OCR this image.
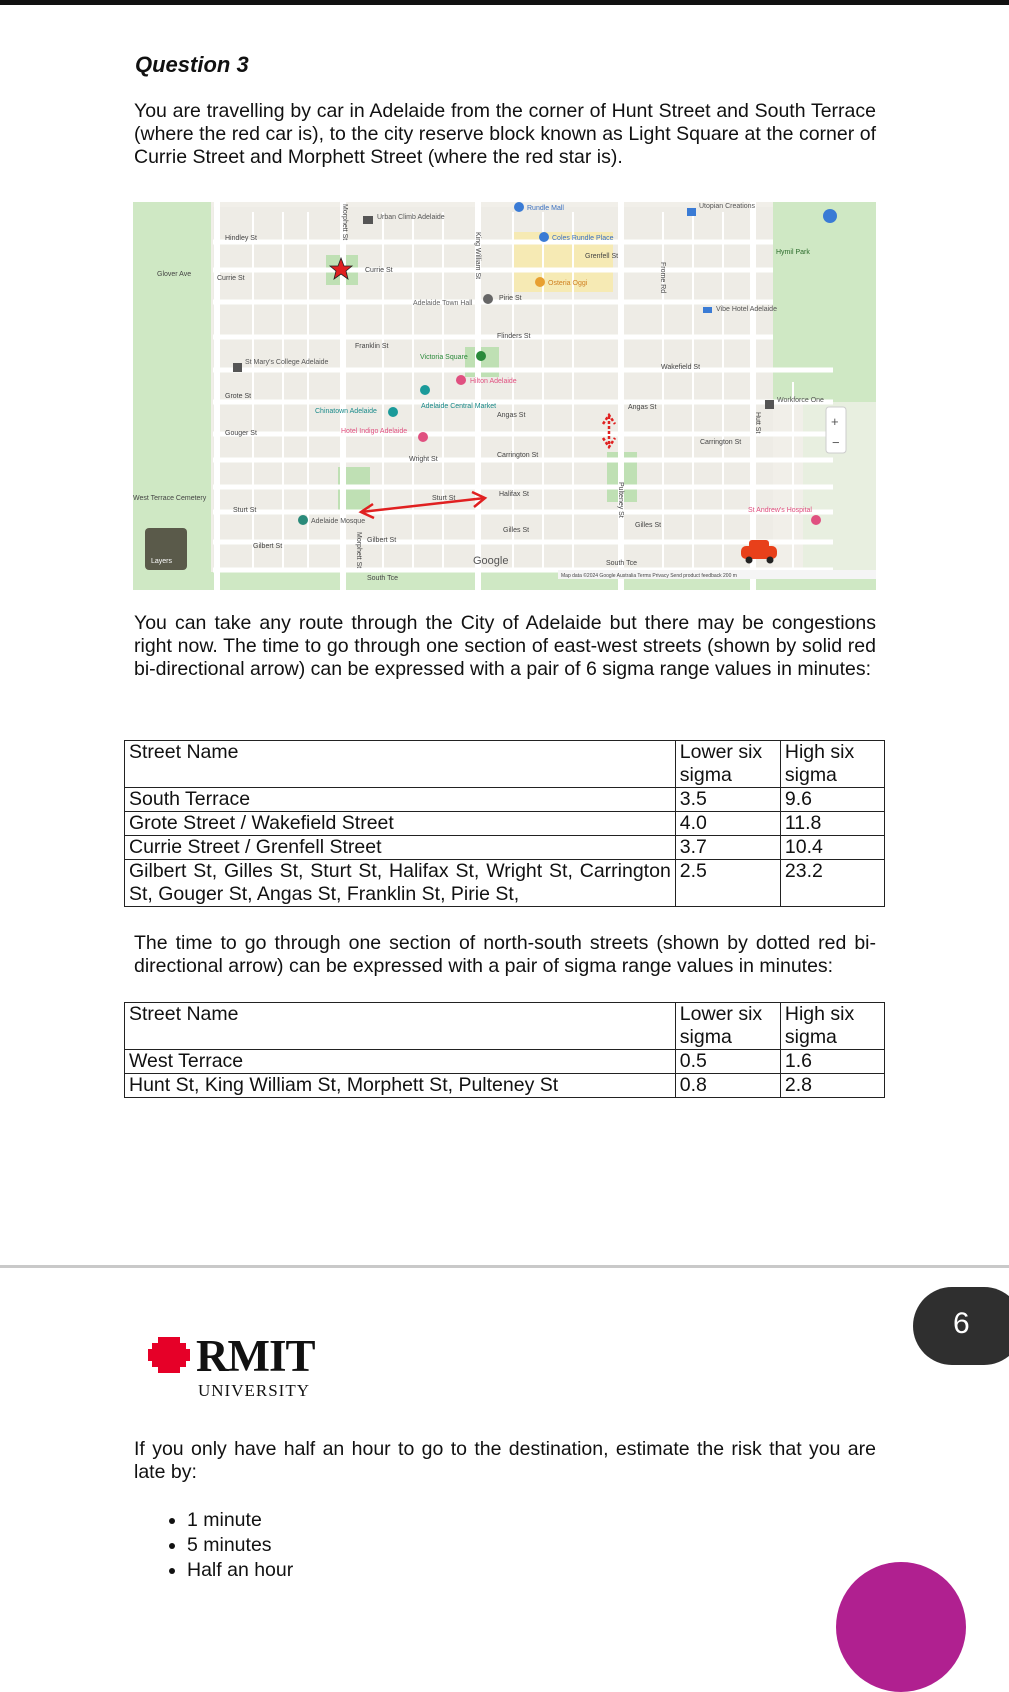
Question 3

You are travelling by car in Adelaide from the corner of Hunt Street and South Terrace (where the red car is), to the city reserve block known as Light Square at the corner of Currie Street and Morphett Street (where the red star is).

Hindley St
Currie St
Currie St
Grenfell St
Pirie St
Flinders St
Franklin St
Wakefield St
Grote St
Angas St
Angas St
Gouger St
Carrington St
Carrington St
Wright St
Sturt St
Sturt St
Halifax St
Gilles St
Gilles St
Gilbert St
Gilbert St
South Tce
South Tce
Glover Ave
West Terrace Cemetery
King William St
Morphett St
Morphett St
Frome Rd
Pulteney St
Hutt St
Rundle Mall
Coles Rundle Place
Urban Climb Adelaide
Adelaide Town Hall
Victoria Square
Hilton Adelaide
Adelaide Central Market
Chinatown Adelaide
Hotel Indigo Adelaide
St Mary's College Adelaide
Adelaide Mosque
Osteria Oggi
Vibe Hotel Adelaide
Workforce One
St Andrew's Hospital
Utopian Creations
Hymil Park
Layers
+
−
Google
Map data ©2024 Google Australia Terms Privacy Send product feedback 200 m

You can take any route through the City of Adelaide but there may be congestions right now. The time to go through one section of east-west streets (shown by solid red bi-directional arrow) can be expressed with a pair of 6 sigma range values in minutes:

Street Name	Lower six sigma	High six sigma
South Terrace	3.5	9.6
Grote Street / Wakefield Street	4.0	11.8
Currie Street / Grenfell Street	3.7	10.4
Gilbert St, Gilles St, Sturt St, Halifax St, Wright St, Carrington St, Gouger St, Angas St, Franklin St, Pirie St,	2.5	23.2

The time to go through one section of north-south streets (shown by dotted red bi-directional arrow) can be expressed with a pair of sigma range values in minutes:

Street Name	Lower six sigma	High six sigma
West Terrace	0.5	1.6
Hunt St, King William St, Morphett St, Pulteney St	0.8	2.8
6
RMIT
UNIVERSITY

If you only have half an hour to go to the destination, estimate the risk that you are late by:

• 1 minute
• 5 minutes
• Half an hour
